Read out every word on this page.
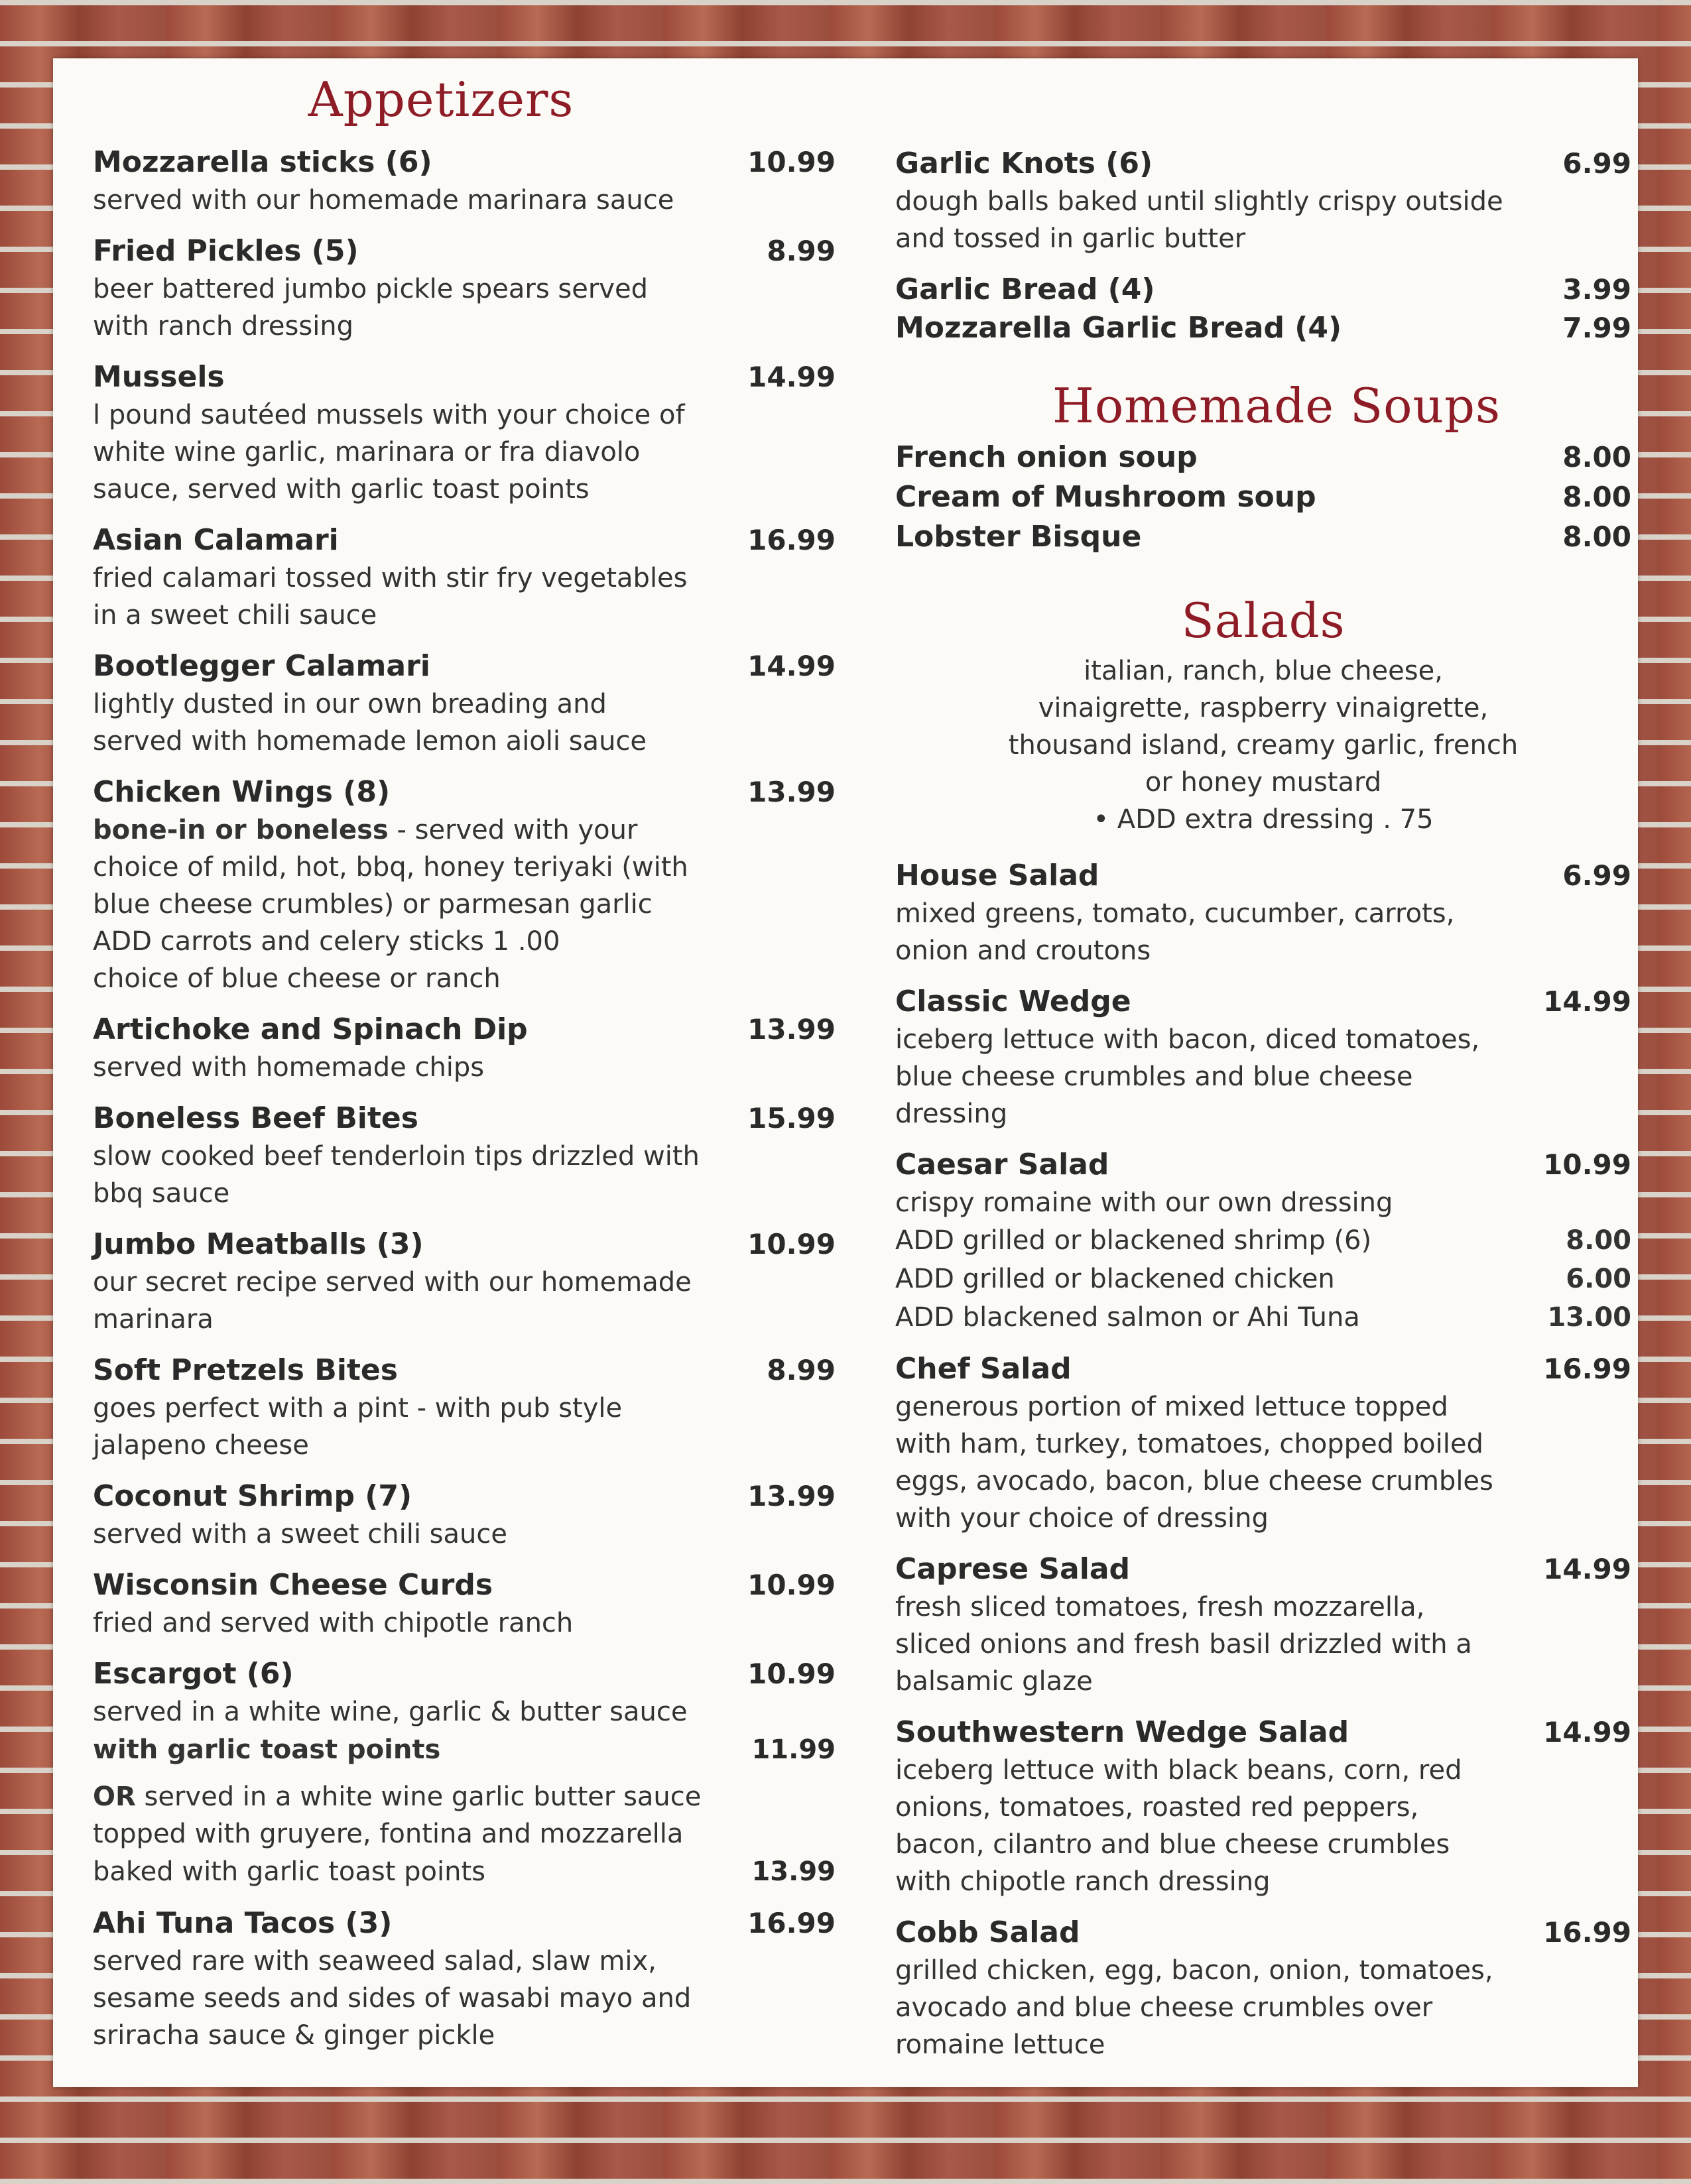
Appetizers
Mozzarella sticks (6)	10.99
served with our homemade marinara sauce
Fried Pickles (5)	8.99
beer battered jumbo pickle spears served with ranch dressing
Mussels	14.99
l pound sautéed mussels with your choice of white wine garlic, marinara or fra diavolo sauce, served with garlic toast points
Asian Calamari	16.99
fried calamari tossed with stir fry vegetables in a sweet chili sauce
Bootlegger Calamari	14.99
lightly dusted in our own breading and served with homemade lemon aioli sauce
Chicken Wings (8)	13.99
bone-in or boneless - served with your choice of mild, hot, bbq, honey teriyaki (with blue cheese crumbles) or parmesan garlic
ADD carrots and celery sticks 1 .00
choice of blue cheese or ranch
Artichoke and Spinach Dip	13.99
served with homemade chips
Boneless Beef Bites	15.99
slow cooked beef tenderloin tips drizzled with bbq sauce
Jumbo Meatballs (3)	10.99
our secret recipe served with our homemade marinara
Soft Pretzels Bites	8.99
goes perfect with a pint - with pub style jalapeno cheese
Coconut Shrimp (7)	13.99
served with a sweet chili sauce
Wisconsin Cheese Curds	10.99
fried and served with chipotle ranch
Escargot (6)	10.99
served in a white wine, garlic & butter sauce
with garlic toast points	11.99
OR served in a white wine garlic butter sauce topped with gruyere, fontina and mozzarella
baked with garlic toast points	13.99
Ahi Tuna Tacos (3)	16.99
served rare with seaweed salad, slaw mix, sesame seeds and sides of wasabi mayo and sriracha sauce & ginger pickle
Garlic Knots (6)	6.99
dough balls baked until slightly crispy outside and tossed in garlic butter
Garlic Bread (4)	3.99
Mozzarella Garlic Bread (4)	7.99
Homemade Soups
French onion soup	8.00
Cream of Mushroom soup	8.00
Lobster Bisque	8.00
Salads
italian, ranch, blue cheese, vinaigrette, raspberry vinaigrette, thousand island, creamy garlic, french or honey mustard
• ADD extra dressing . 75
House Salad	6.99
mixed greens, tomato, cucumber, carrots, onion and croutons
Classic Wedge	14.99
iceberg lettuce with bacon, diced tomatoes, blue cheese crumbles and blue cheese dressing
Caesar Salad	10.99
crispy romaine with our own dressing
ADD grilled or blackened shrimp (6)	8.00
ADD grilled or blackened chicken	6.00
ADD blackened salmon or Ahi Tuna	13.00
Chef Salad	16.99
generous portion of mixed lettuce topped with ham, turkey, tomatoes, chopped boiled eggs, avocado, bacon, blue cheese crumbles with your choice of dressing
Caprese Salad	14.99
fresh sliced tomatoes, fresh mozzarella, sliced onions and fresh basil drizzled with a balsamic glaze
Southwestern Wedge Salad	14.99
iceberg lettuce with black beans, corn, red onions, tomatoes, roasted red peppers, bacon, cilantro and blue cheese crumbles with chipotle ranch dressing
Cobb Salad	16.99
grilled chicken, egg, bacon, onion, tomatoes, avocado and blue cheese crumbles over romaine lettuce
